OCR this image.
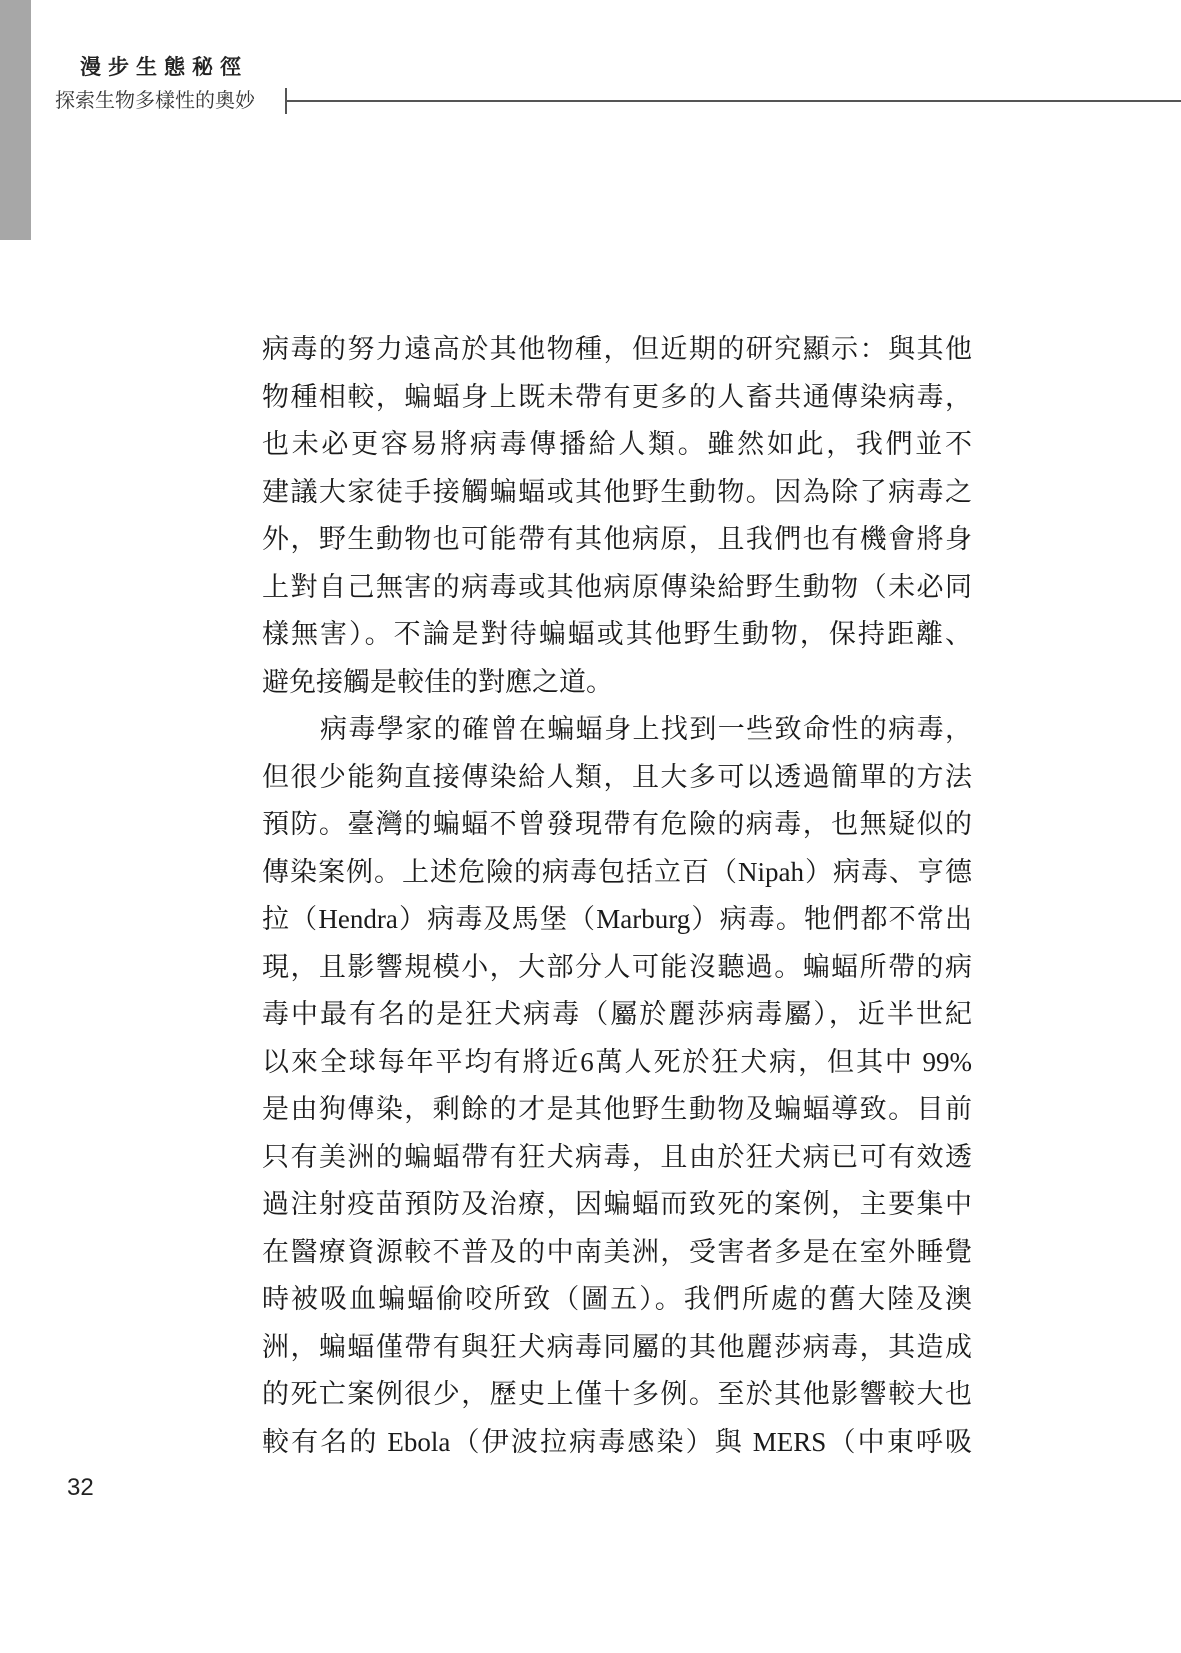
漫步生態秘徑
探索生物多樣性的奧妙
病毒的努力遠高於其他物種，但近期的研究顯示：與其他
物種相較，蝙蝠身上既未帶有更多的人畜共通傳染病毒，
也未必更容易將病毒傳播給人類。雖然如此，我們並不
建議大家徒手接觸蝙蝠或其他野生動物。因為除了病毒之
外，野生動物也可能帶有其他病原，且我們也有機會將身
上對自己無害的病毒或其他病原傳染給野生動物（未必同
樣無害）。不論是對待蝙蝠或其他野生動物，保持距離、
避免接觸是較佳的對應之道。
病毒學家的確曾在蝙蝠身上找到一些致命性的病毒，
但很少能夠直接傳染給人類，且大多可以透過簡單的方法
預防。臺灣的蝙蝠不曾發現帶有危險的病毒，也無疑似的
傳染案例。上述危險的病毒包括立百（Nipah）病毒、亨德
拉（Hendra）病毒及馬堡（Marburg）病毒。牠們都不常出
現，且影響規模小，大部分人可能沒聽過。蝙蝠所帶的病
毒中最有名的是狂犬病毒（屬於麗莎病毒屬），近半世紀
以來全球每年平均有將近6萬人死於狂犬病，但其中 99%
是由狗傳染，剩餘的才是其他野生動物及蝙蝠導致。目前
只有美洲的蝙蝠帶有狂犬病毒，且由於狂犬病已可有效透
過注射疫苗預防及治療，因蝙蝠而致死的案例，主要集中
在醫療資源較不普及的中南美洲，受害者多是在室外睡覺
時被吸血蝙蝠偷咬所致（圖五）。我們所處的舊大陸及澳
洲，蝙蝠僅帶有與狂犬病毒同屬的其他麗莎病毒，其造成
的死亡案例很少，歷史上僅十多例。至於其他影響較大也
較有名的 Ebola（伊波拉病毒感染）與 MERS（中東呼吸
32
